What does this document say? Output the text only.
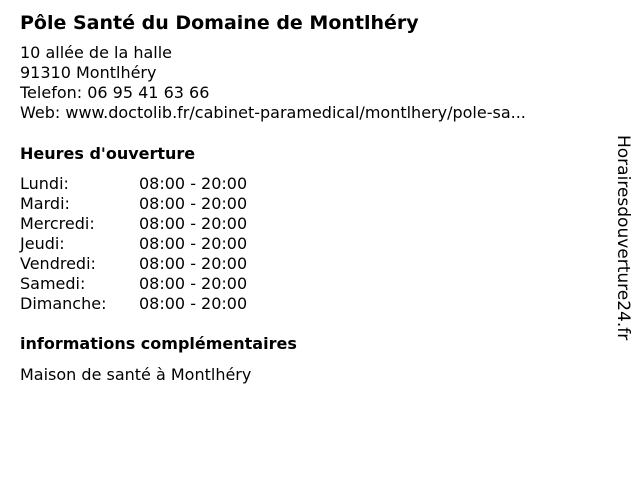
Pôle Santé du Domaine de Montlhéry
10 allée de la halle
91310 Montlhéry
Telefon: 06 95 41 63 66
Web: www.doctolib.fr/cabinet-paramedical/montlhery/pole-sa...
Heures d'ouverture
Lundi:	08:00 - 20:00
Mardi:	08:00 - 20:00
Mercredi:	08:00 - 20:00
Jeudi:	08:00 - 20:00
Vendredi:	08:00 - 20:00
Samedi:	08:00 - 20:00
Dimanche: 08:00 - 20:00
informations complémentaires
Maison de santé à Montlhéry
Horairesdouverture24.fr
